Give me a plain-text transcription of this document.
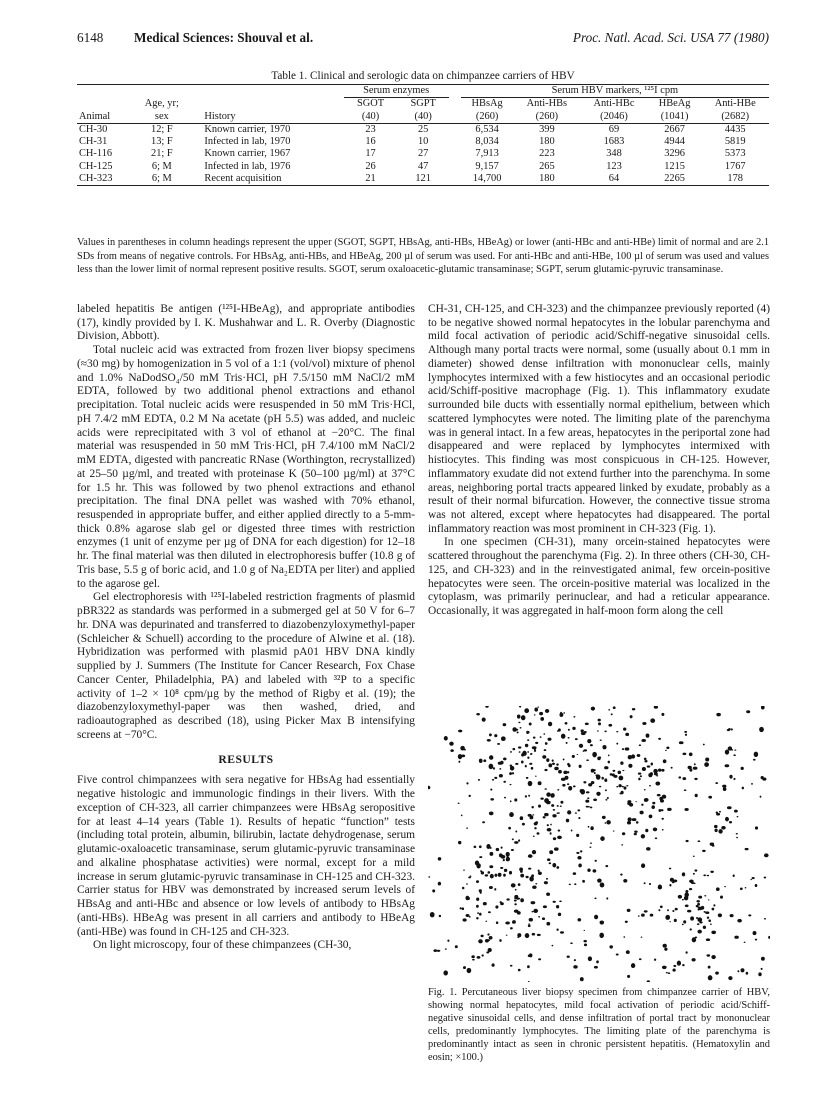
6148 Medical Sciences: Shouval et al.	Proc. Natl. Acad. Sci. USA 77 (1980)
Table 1. Clinical and serologic data on chimpanzee carriers of HBV
			Serum enzymes			Serum HBV markers, ¹²⁵I cpm				
	Age, yr;		SGOT	SGPT		HBsAg	Anti-HBs	Anti-HBc	HBeAg	Anti-HBe
Animal	sex	History	(40)	(40)		(260)	(260)	(2046)	(1041)	(2682)
CH-30	12; F	Known carrier, 1970	23	25		6,534	399	69	2667	4435
CH-31	13; F	Infected in lab, 1970	16	10		8,034	180	1683	4944	5819
CH-116	21; F	Known carrier, 1967	17	27		7,913	223	348	3296	5373
CH-125	6; M	Infected in lab, 1976	26	47		9,157	265	123	1215	1767
CH-323	6; M	Recent acquisition	21	121		14,700	180	64	2265	178
Values in parentheses in column headings represent the upper (SGOT, SGPT, HBsAg, anti-HBs, HBeAg) or lower (anti-HBc and anti-HBe) limit of normal and are 2.1 SDs from means of negative controls. For HBsAg, anti-HBs, and HBeAg, 200 µl of serum was used. For anti-HBc and anti-HBe, 100 µl of serum was used and values less than the lower limit of normal represent positive results. SGOT, serum oxaloacetic-glutamic transaminase; SGPT, serum glutamic-pyruvic transaminase.

labeled hepatitis Be antigen (¹²⁵I-HBeAg), and appropriate antibodies (17), kindly provided by I. K. Mushahwar and L. R. Overby (Diagnostic Division, Abbott).

Total nucleic acid was extracted from frozen liver biopsy specimens (≈30 mg) by homogenization in 5 vol of a 1:1 (vol/vol) mixture of phenol and 1.0% NaDodSO₄/50 mM Tris·HCl, pH 7.5/150 mM NaCl/2 mM EDTA, followed by two additional phenol extractions and ethanol precipitation. Total nucleic acids were resuspended in 50 mM Tris·HCl, pH 7.4/2 mM EDTA, 0.2 M Na acetate (pH 5.5) was added, and nucleic acids were reprecipitated with 3 vol of ethanol at −20°C. The final material was resuspended in 50 mM Tris·HCl, pH 7.4/100 mM NaCl/2 mM EDTA, digested with pancreatic RNase (Worthington, recrystallized) at 25–50 µg/ml, and treated with proteinase K (50–100 µg/ml) at 37°C for 1.5 hr. This was followed by two phenol extractions and ethanol precipitation. The final DNA pellet was washed with 70% ethanol, resuspended in appropriate buffer, and either applied directly to a 5-mm-thick 0.8% agarose slab gel or digested three times with restriction enzymes (1 unit of enzyme per µg of DNA for each digestion) for 12–18 hr. The final material was then diluted in electrophoresis buffer (10.8 g of Tris base, 5.5 g of boric acid, and 1.0 g of Na₂EDTA per liter) and applied to the agarose gel.

Gel electrophoresis with ¹²⁵I-labeled restriction fragments of plasmid pBR322 as standards was performed in a submerged gel at 50 V for 6–7 hr. DNA was depurinated and transferred to diazobenzyloxymethyl-paper (Schleicher & Schuell) according to the procedure of Alwine et al. (18). Hybridization was performed with plasmid pA01 HBV DNA kindly supplied by J. Summers (The Institute for Cancer Research, Fox Chase Cancer Center, Philadelphia, PA) and labeled with ³²P to a specific activity of 1–2 × 10⁸ cpm/µg by the method of Rigby et al. (19); the diazobenzyloxymethyl-paper was then washed, dried, and radioautographed as described (18), using Picker Max B intensifying screens at −70°C.

RESULTS

Five control chimpanzees with sera negative for HBsAg had essentially negative histologic and immunologic findings in their livers. With the exception of CH-323, all carrier chimpanzees were HBsAg seropositive for at least 4–14 years (Table 1). Results of hepatic “function” tests (including total protein, albumin, bilirubin, lactate dehydrogenase, serum glutamic-oxaloacetic transaminase, serum glutamic-pyruvic transaminase and alkaline phosphatase activities) were normal, except for a mild increase in serum glutamic-pyruvic transaminase in CH-125 and CH-323. Carrier status for HBV was demonstrated by increased serum levels of HBsAg and anti-HBc and absence or low levels of antibody to HBsAg (anti-HBs). HBeAg was present in all carriers and antibody to HBeAg (anti-HBe) was found in CH-125 and CH-323.

On light microscopy, four of these chimpanzees (CH-30,

CH-31, CH-125, and CH-323) and the chimpanzee previously reported (4) to be negative showed normal hepatocytes in the lobular parenchyma and mild focal activation of periodic acid/Schiff-negative sinusoidal cells. Although many portal tracts were normal, some (usually about 0.1 mm in diameter) showed dense infiltration with mononuclear cells, mainly lymphocytes intermixed with a few histiocytes and an occasional periodic acid/Schiff-positive macrophage (Fig. 1). This inflammatory exudate surrounded bile ducts with essentially normal epithelium, between which scattered lymphocytes were noted. The limiting plate of the parenchyma was in general intact. In a few areas, hepatocytes in the periportal zone had disappeared and were replaced by lymphocytes intermixed with histiocytes. This finding was most conspicuous in CH-125. However, inflammatory exudate did not extend further into the parenchyma. In some areas, neighboring portal tracts appeared linked by exudate, probably as a result of their normal bifurcation. However, the connective tissue stroma was not altered, except where hepatocytes had disappeared. The portal inflammatory reaction was most prominent in CH-323 (Fig. 1).

In one specimen (CH-31), many orcein-stained hepatocytes were scattered throughout the parenchyma (Fig. 2). In three others (CH-30, CH-125, and CH-323) and in the reinvestigated animal, few orcein-positive hepatocytes were seen. The orcein-positive material was localized in the cytoplasm, was primarily perinuclear, and had a reticular appearance. Occasionally, it was aggregated in half-moon form along the cell

Fig. 1. Percutaneous liver biopsy specimen from chimpanzee carrier of HBV, showing normal hepatocytes, mild focal activation of periodic acid/Schiff-negative sinusoidal cells, and dense infiltration of portal tract by mononuclear cells, predominantly lymphocytes. The limiting plate of the parenchyma is predominantly intact as seen in chronic persistent hepatitis. (Hematoxylin and eosin; ×100.)
